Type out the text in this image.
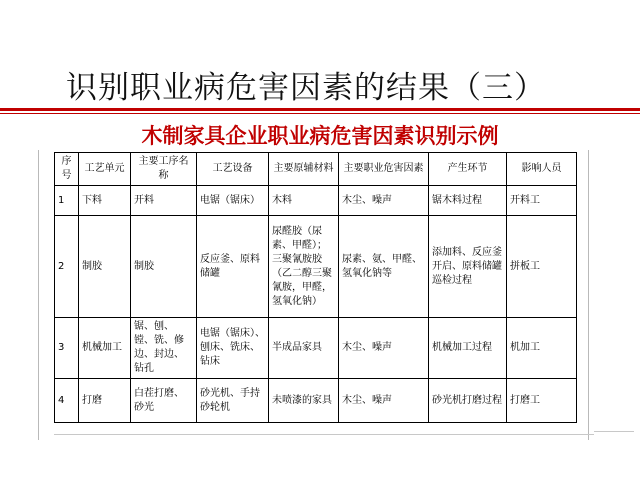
识别职业病危害因素的结果（三）
木制家具企业职业病危害因素识别示例
序号	工艺单元	主要工序名称	工艺设备	主要原辅材料	主要职业危害因素	产生环节	影响人员
1	下料	开料	电锯（锯床）	木料	木尘、噪声	锯木料过程	开料工
2	制胶	制胶	反应釜、原料储罐	尿醛胶（尿素、甲醛）；三聚氰胺胶（乙二醇三聚氰胺，甲醛，氢氧化钠）	尿素、氨、甲醛、氢氧化钠等	添加料、反应釜开启、原料储罐巡检过程	拼板工
3	机械加工	锯、刨、镗、铣、修边、封边、钻孔	电锯（锯床）、刨床、铣床、钻床	半成品家具	木尘、噪声	机械加工过程	机加工
4	打磨	白茬打磨、砂光	砂光机、手持砂轮机	未喷漆的家具	木尘、噪声	砂光机打磨过程	打磨工
